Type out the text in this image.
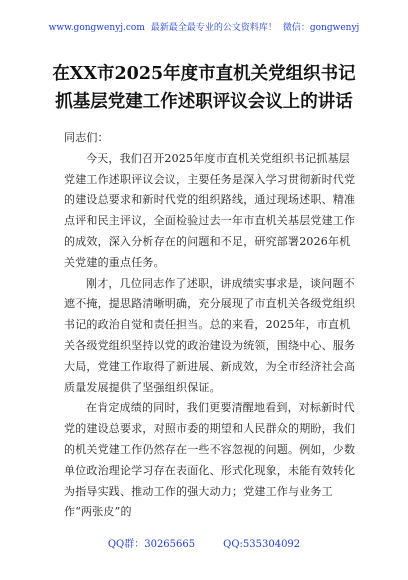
www.gongwenyj.com 最新最全最专业的公文资料库！ 微信：gongwenyj
在XX市2025年度市直机关党组织书记
抓基层党建工作述职评议会议上的讲话

同志们：

今天，我们召开2025年度市直机关党组织书记抓基层党建工作述职评议会议，主要任务是深入学习贯彻新时代党的建设总要求和新时代党的组织路线，通过现场述职、精准点评和民主评议，全面检验过去一年市直机关基层党建工作的成效，深入分析存在的问题和不足，研究部署2026年机关党建的重点任务。

刚才，几位同志作了述职，讲成绩实事求是，谈问题不遮不掩，提思路清晰明确，充分展现了市直机关各级党组织书记的政治自觉和责任担当。总的来看，2025年，市直机关各级党组织坚持以党的政治建设为统领，围绕中心、服务大局，党建工作取得了新进展、新成效，为全市经济社会高质量发展提供了坚强组织保证。

在肯定成绩的同时，我们更要清醒地看到，对标新时代党的建设总要求，对照市委的期望和人民群众的期盼，我们的机关党建工作仍然存在一些不容忽视的问题。例如，少数单位政治理论学习存在表面化、形式化现象，未能有效转化为指导实践、推动工作的强大动力；党建工作与业务工作“两张皮”的

QQ群：30265665	QQ:535304092
